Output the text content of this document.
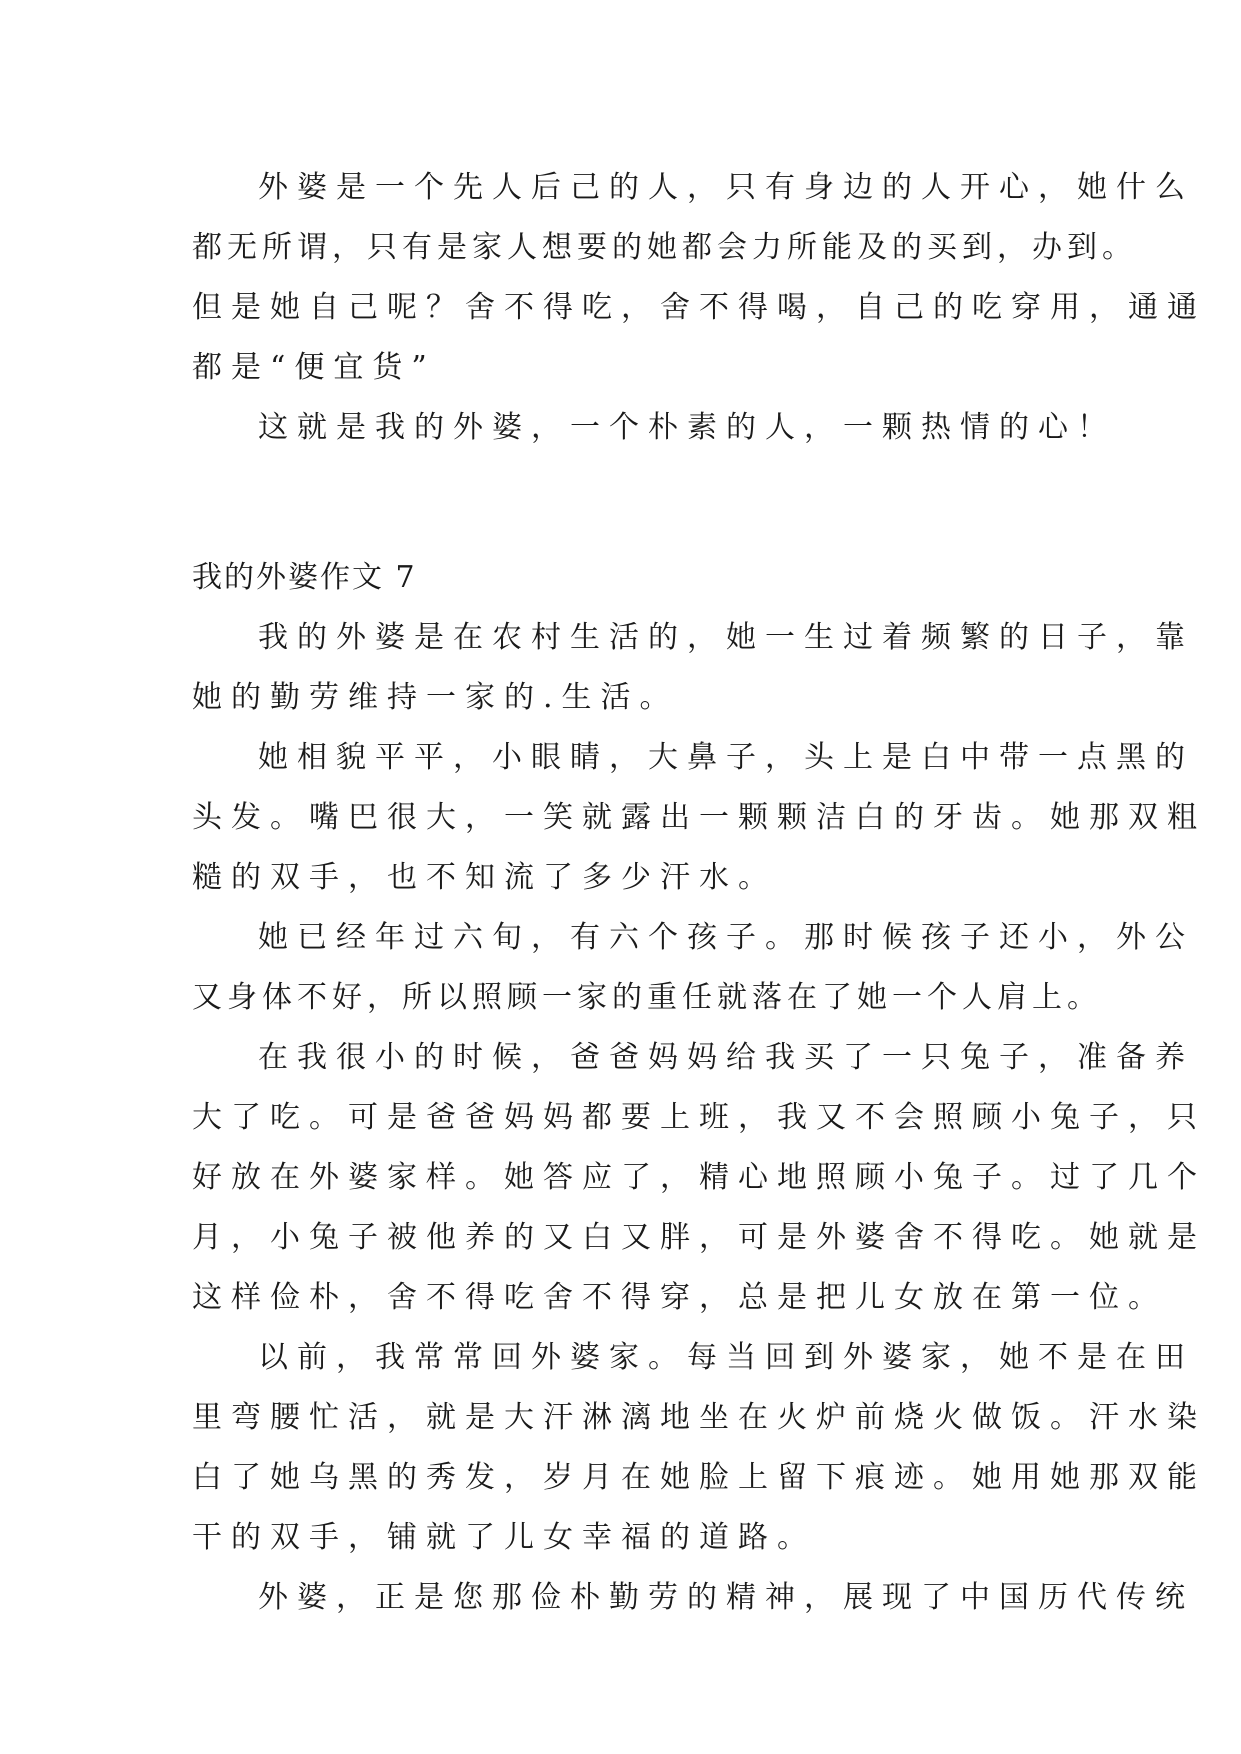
外婆是一个先人后己的人，只有身边的人开心，她什么
都无所谓，只有是家人想要的她都会力所能及的买到，办到。
但是她自己呢？舍不得吃，舍不得喝，自己的吃穿用，通通
都是“便宜货”
这就是我的外婆，一个朴素的人，一颗热情的心！
我的外婆作文 7
我的外婆是在农村生活的，她一生过着频繁的日子，靠
她的勤劳维持一家的.生活。
她相貌平平，小眼睛，大鼻子，头上是白中带一点黑的
头发。嘴巴很大，一笑就露出一颗颗洁白的牙齿。她那双粗
糙的双手，也不知流了多少汗水。
她已经年过六旬，有六个孩子。那时候孩子还小，外公
又身体不好，所以照顾一家的重任就落在了她一个人肩上。
在我很小的时候，爸爸妈妈给我买了一只兔子，准备养
大了吃。可是爸爸妈妈都要上班，我又不会照顾小兔子，只
好放在外婆家样。她答应了，精心地照顾小兔子。过了几个
月，小兔子被他养的又白又胖，可是外婆舍不得吃。她就是
这样俭朴，舍不得吃舍不得穿，总是把儿女放在第一位。
以前，我常常回外婆家。每当回到外婆家，她不是在田
里弯腰忙活，就是大汗淋漓地坐在火炉前烧火做饭。汗水染
白了她乌黑的秀发，岁月在她脸上留下痕迹。她用她那双能
干的双手，铺就了儿女幸福的道路。
外婆，正是您那俭朴勤劳的精神，展现了中国历代传统
